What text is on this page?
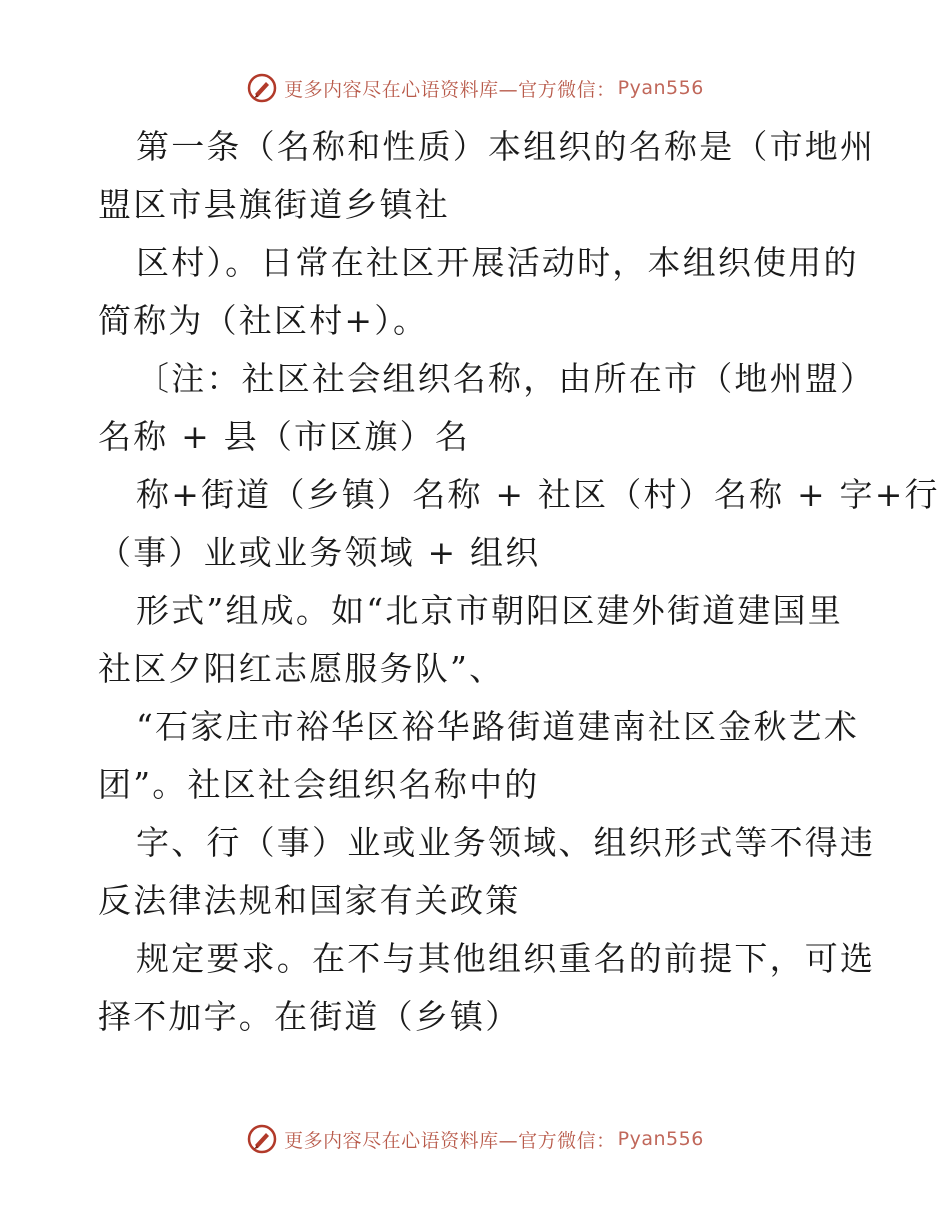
更多内容尽在心语资料库—官方微信： Pyan556
第一条（名称和性质）本组织的名称是（市地州
盟区市县旗街道乡镇社
区村）。日常在社区开展活动时，本组织使用的
简称为（社区村+）。
〔注：社区社会组织名称，由所在市（地州盟）
名称 + 县（市区旗）名
称+街道（乡镇）名称 + 社区（村）名称 + 字+行
（事）业或业务领域 + 组织
形式”组成。如“北京市朝阳区建外街道建国里
社区夕阳红志愿服务队”、
“石家庄市裕华区裕华路街道建南社区金秋艺术
团”。社区社会组织名称中的
字、行（事）业或业务领域、组织形式等不得违
反法律法规和国家有关政策
规定要求。在不与其他组织重名的前提下，可选
择不加字。在街道（乡镇）
更多内容尽在心语资料库—官方微信： Pyan556
